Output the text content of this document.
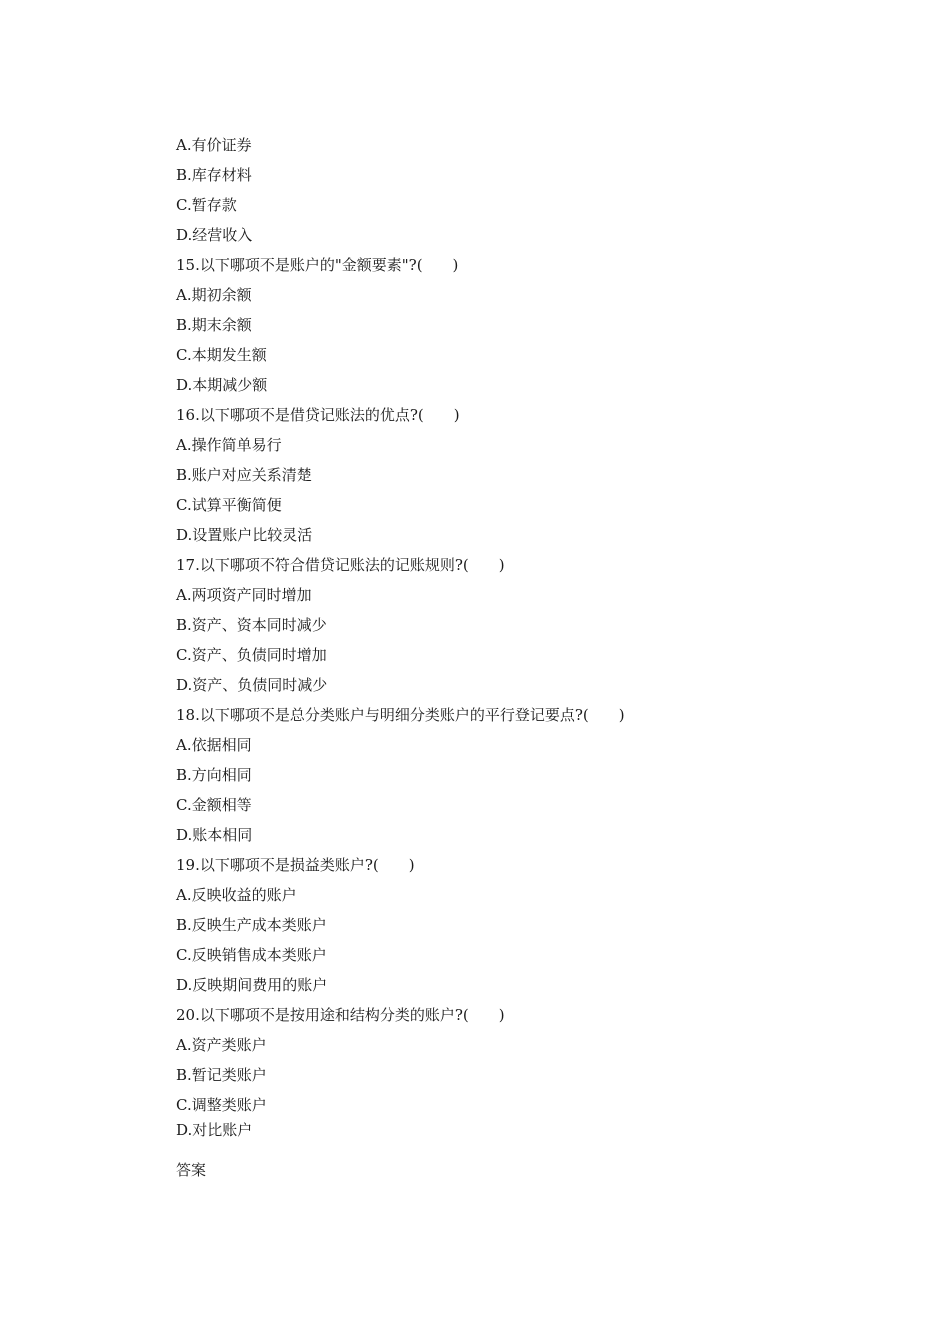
A.有价证券
B.库存材料
C.暂存款
D.经营收入
15.以下哪项不是账户的"金额要素"?(　　)
A.期初余额
B.期末余额
C.本期发生额
D.本期减少额
16.以下哪项不是借贷记账法的优点?(　　)
A.操作简单易行
B.账户对应关系清楚
C.试算平衡简便
D.设置账户比较灵活
17.以下哪项不符合借贷记账法的记账规则?(　　)
A.两项资产同时增加
B.资产、资本同时减少
C.资产、负债同时增加
D.资产、负债同时减少
18.以下哪项不是总分类账户与明细分类账户的平行登记要点?(　　)
A.依据相同
B.方向相同
C.金额相等
D.账本相同
19.以下哪项不是损益类账户?(　　)
A.反映收益的账户
B.反映生产成本类账户
C.反映销售成本类账户
D.反映期间费用的账户
20.以下哪项不是按用途和结构分类的账户?(　　)
A.资产类账户
B.暂记类账户
C.调整类账户
D.对比账户
答案
